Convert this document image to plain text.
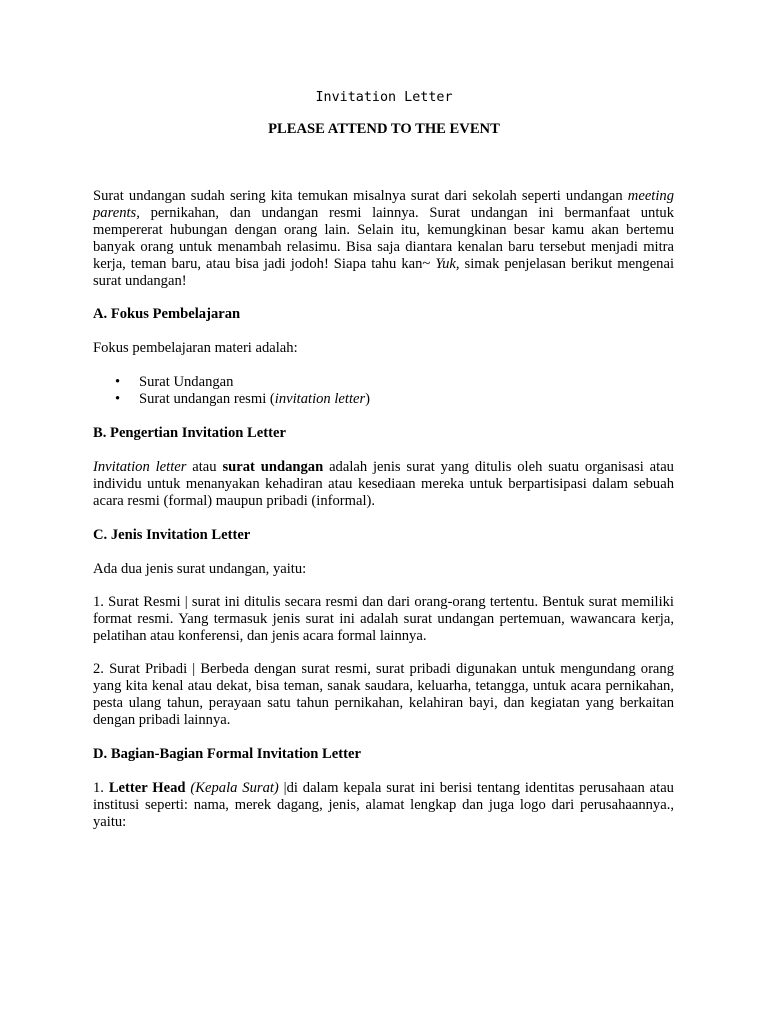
Invitation Letter
PLEASE ATTEND TO THE EVENT

Surat undangan sudah sering kita temukan misalnya surat dari sekolah seperti undangan meeting parents, pernikahan, dan undangan resmi lainnya. Surat undangan ini bermanfaat untuk mempererat hubungan dengan orang lain. Selain itu, kemungkinan besar kamu akan bertemu banyak orang untuk menambah relasimu. Bisa saja diantara kenalan baru tersebut menjadi mitra kerja, teman baru, atau bisa jadi jodoh! Siapa tahu kan~ Yuk, simak penjelasan berikut mengenai surat undangan!

A. Fokus Pembelajaran

Fokus pembelajaran materi adalah:

• Surat Undangan
• Surat undangan resmi (invitation letter)
B. Pengertian Invitation Letter

Invitation letter atau surat undangan adalah jenis surat yang ditulis oleh suatu organisasi atau individu untuk menanyakan kehadiran atau kesediaan mereka untuk berpartisipasi dalam sebuah acara resmi (formal) maupun pribadi (informal).

C. Jenis Invitation Letter

Ada dua jenis surat undangan, yaitu:

1. Surat Resmi | surat ini ditulis secara resmi dan dari orang-orang tertentu. Bentuk surat memiliki format resmi. Yang termasuk jenis surat ini adalah surat undangan pertemuan, wawancara kerja, pelatihan atau konferensi, dan jenis acara formal lainnya.

2. Surat Pribadi | Berbeda dengan surat resmi, surat pribadi digunakan untuk mengundang orang yang kita kenal atau dekat, bisa teman, sanak saudara, keluarha, tetangga, untuk acara pernikahan, pesta ulang tahun, perayaan satu tahun pernikahan, kelahiran bayi, dan kegiatan yang berkaitan dengan pribadi lainnya.

D. Bagian-Bagian Formal Invitation Letter

1. Letter Head (Kepala Surat) |di dalam kepala surat ini berisi tentang identitas perusahaan atau institusi seperti: nama, merek dagang, jenis, alamat lengkap dan juga logo dari perusahaannya., yaitu:
